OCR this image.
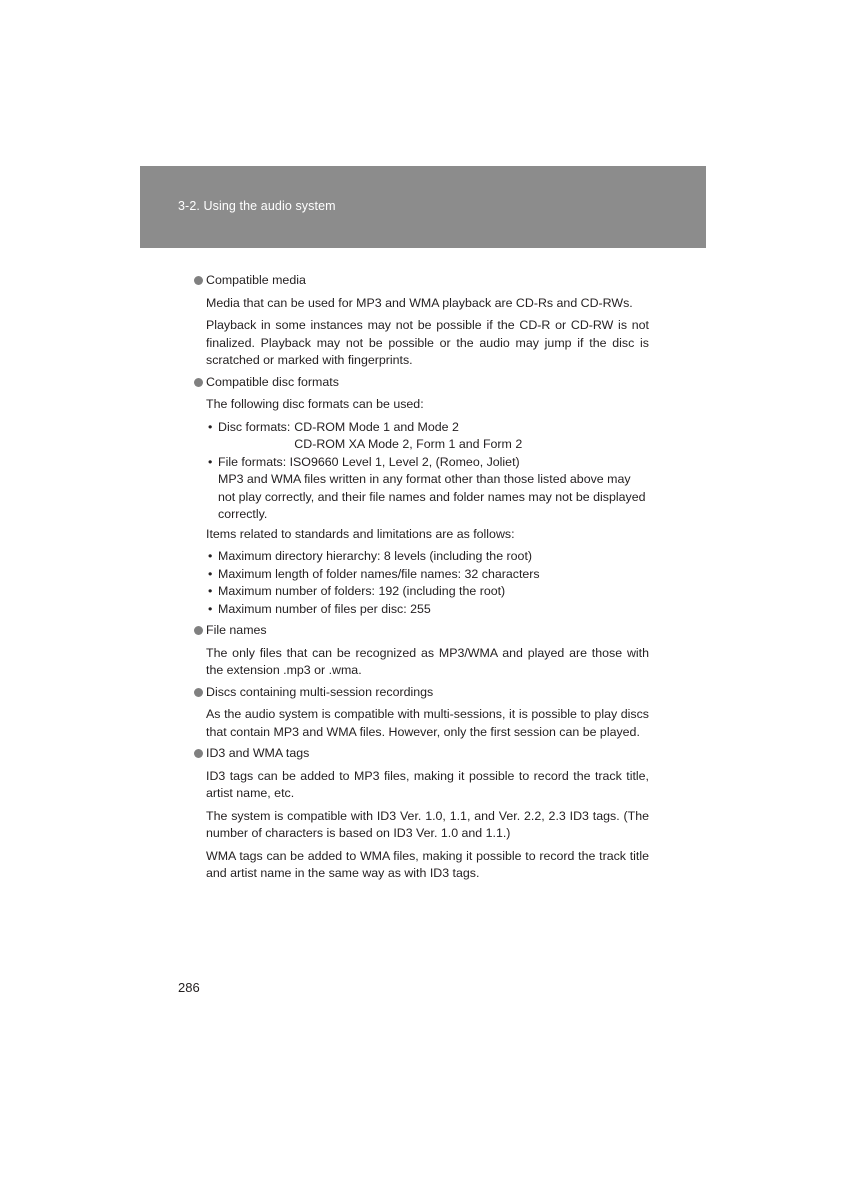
3-2. Using the audio system

Compatible media

Media that can be used for MP3 and WMA playback are CD-Rs and CD-RWs.

Playback in some instances may not be possible if the CD-R or CD-RW is not finalized. Playback may not be possible or the audio may jump if the disc is scratched or marked with fingerprints.

Compatible disc formats

The following disc formats can be used:

• Disc formats: CD-ROM Mode 1 and Mode 2
CD-ROM XA Mode 2, Form 1 and Form 2
• File formats: ISO9660 Level 1, Level 2, (Romeo, Joliet)
MP3 and WMA files written in any format other than those listed above may not play correctly, and their file names and folder names may not be displayed correctly.

Items related to standards and limitations are as follows:

• Maximum directory hierarchy: 8 levels (including the root)
• Maximum length of folder names/file names: 32 characters
• Maximum number of folders: 192 (including the root)
• Maximum number of files per disc: 255

File names

The only files that can be recognized as MP3/WMA and played are those with the extension .mp3 or .wma.

Discs containing multi-session recordings

As the audio system is compatible with multi-sessions, it is possible to play discs that contain MP3 and WMA files. However, only the first session can be played.

ID3 and WMA tags

ID3 tags can be added to MP3 files, making it possible to record the track title, artist name, etc.

The system is compatible with ID3 Ver. 1.0, 1.1, and Ver. 2.2, 2.3 ID3 tags. (The number of characters is based on ID3 Ver. 1.0 and 1.1.)

WMA tags can be added to WMA files, making it possible to record the track title and artist name in the same way as with ID3 tags.

286
